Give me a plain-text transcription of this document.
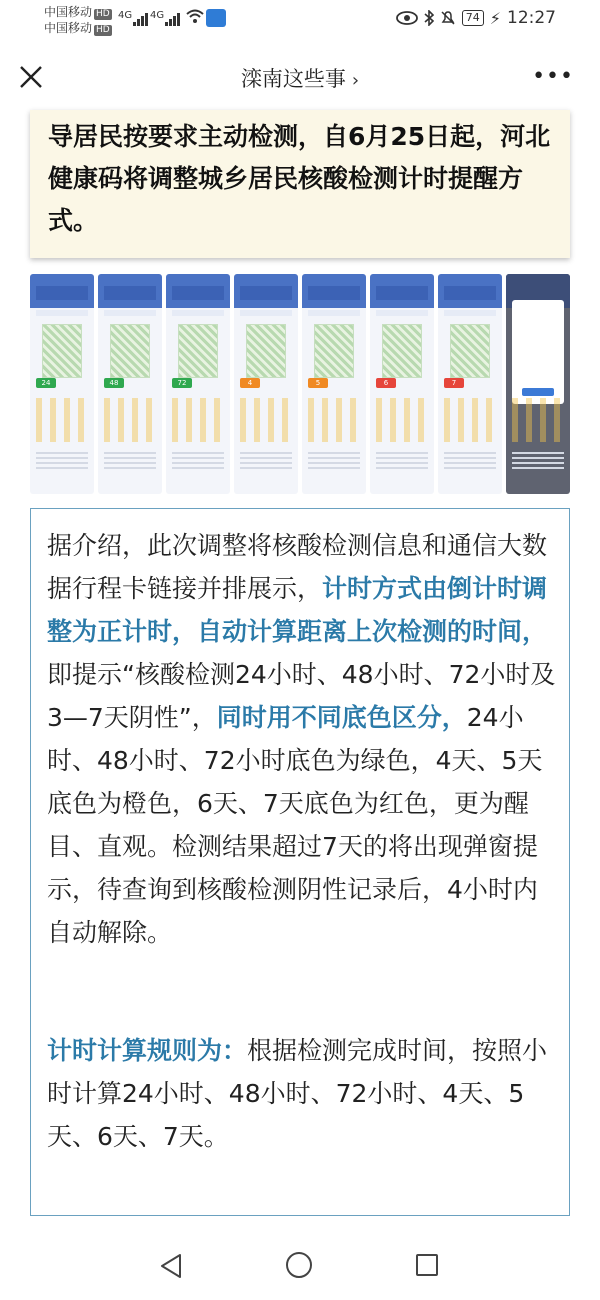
中国移动 HD
中国移动 HD
4G 4G	74 ⚡ 12:27
滦南这些事 ›	•••

导居民按要求主动检测，自6月25日起，河北健康码将调整城乡居民核酸检测计时提醒方式。

24	48	72	4	5	6	7

据介绍，此次调整将核酸检测信息和通信大数据行程卡链接并排展示，计时方式由倒计时调整为正计时，自动计算距离上次检测的时间，即提示“核酸检测24小时、48小时、72小时及3—7天阴性”，同时用不同底色区分，24小时、48小时、72小时底色为绿色，4天、5天底色为橙色，6天、7天底色为红色，更为醒目、直观。检测结果超过7天的将出现弹窗提示，待查询到核酸检测阴性记录后，4小时内自动解除。

计时计算规则为：根据检测完成时间，按照小时计算24小时、48小时、72小时、4天、5天、6天、7天。
